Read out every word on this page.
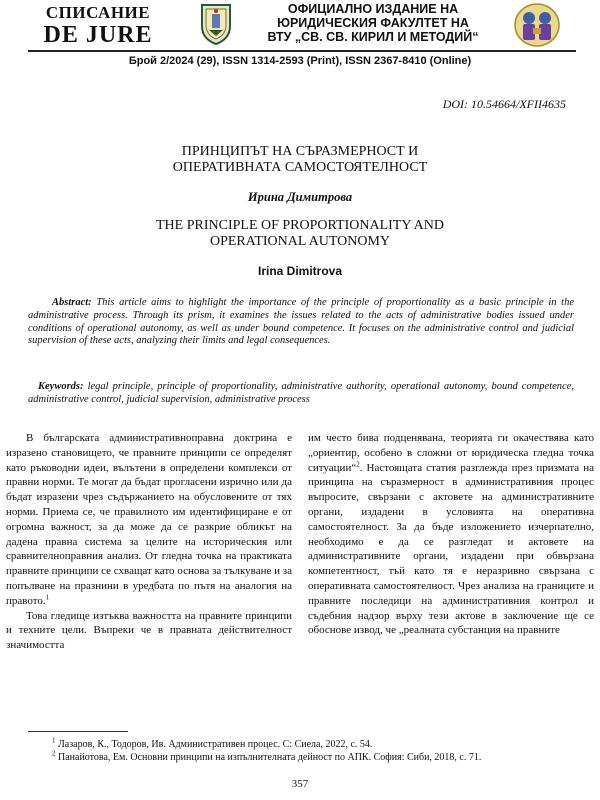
СПИСАНИЕ
DE JURE
ОФИЦИАЛНО ИЗДАНИЕ НА
ЮРИДИЧЕСКИЯ ФАКУЛТЕТ НА
ВТУ „СВ. СВ. КИРИЛ И МЕТОДИЙ“
Брой 2/2024 (29), ISSN 1314-2593 (Print), ISSN 2367-8410 (Online)
DOI: 10.54664/XFII4635
ПРИНЦИПЪТ НА СЪРАЗМЕРНОСТ И
ОПЕРАТИВНАТА САМОСТОЯТЕЛНОСТ
Ирина Димитрова
THE PRINCIPLE OF PROPORTIONALITY AND
OPERATIONAL AUTONOMY
Irina Dimitrova

Abstract: This article aims to highlight the importance of the principle of proportionality as a basic principle in the administrative process. Through its prism, it examines the issues related to the acts of administrative bodies issued under conditions of operational autonomy, as well as under bound competence. It focuses on the administrative control and judicial supervision of these acts, analyzing their limits and legal consequences.

Keywords: legal principle, principle of proportionality, administrative authority, operational autonomy, bound competence, administrative control, judicial supervision, administrative process

В българската административноправна доктрина е изразено становището, че правните принципи се определят като ръководни идеи, вълътени в определени комплекси от правни норми. Те могат да бъдат прогласени изрично или да бъдат изразени чрез съдържанието на обусловените от тях норми. Приема се, че правилното им идентифициране е от огромна важност, за да може да се разкрие обликът на дадена правна система за целите на историческия или сравнителноправния анализ. От гледна точка на практиката правните принципи се схващат като основа за тълкуване и за попълване на празнини в уредбата по пътя на аналогия на правото.$^1$

Това гледище изтъква важността на правните принципи и техните цели. Въпреки че в правната действителност значимостта

им често бива подценявана, теорията ги окачествява като „ориентир, особено в сложни от юридическа гледна точка ситуации“$^2$. Настоящата статия разглежда през призмата на принципа на съразмерност в административния процес въпросите, свързани с актовете на административните органи, издадени в условията на оперативна самостоятелност. За да бъде изложението изчерпателно, необходимо е да се разгледат и актовете на административните органи, издадени при обвързана компетентност, тъй като тя е неразривно свързана с оперативната самостоятелност. Чрез анализа на границите и правните последици на административния контрол и съдебния надзор върху тези актове в заключение ще се обоснове извод, че „реалната субстанция на правните

$^1$ Лазаров, К., Тодоров, Ив. Административен процес. С: Сиела, 2022, с. 54.

$^2$ Панайотова, Ем. Основни принципи на изпълнителната дейност по АПК. София: Сиби, 2018, с. 71.

357
